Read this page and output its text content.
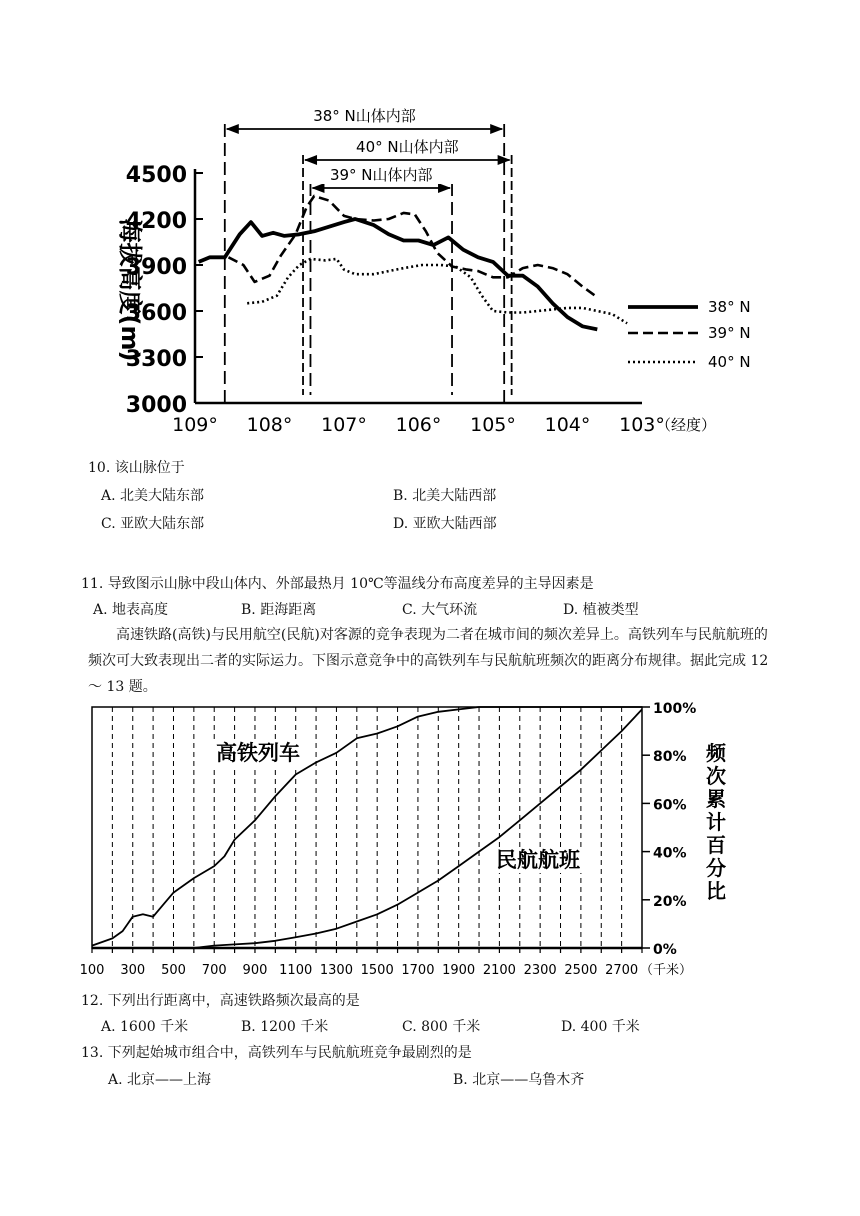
4500
4200
3900
3600
3300
3000
109° 108° 107° 106° 105° 104° 103°
海拔高度(m)
（经度）
38° N山体内部
40° N山体内部
39° N山体内部
38° N
39° N
40° N
10. 该山脉位于
A. 北美大陆东部	B. 北美大陆西部
C. 亚欧大陆东部	D. 亚欧大陆西部
11. 导致图示山脉中段山体内、外部最热月 10℃等温线分布高度差异的主导因素是
A. 地表高度	B. 距海距离	C. 大气环流	D. 植被类型
高速铁路(高铁)与民用航空(民航)对客源的竞争表现为二者在城市间的频次差异上。高铁列车与民航航班的频次可大致表现出二者的实际运力。下图示意竞争中的高铁列车与民航航班频次的距离分布规律。据此完成 12 ～ 13 题。
100%
80%
60%
40%
20%
0%
100 300 500 700 900 1100 1300 1500 1700 1900 2100 2300 2500 2700 （千米）
频
次
累
计
百
分
比
高铁列车
民航航班
12. 下列出行距离中，高速铁路频次最高的是
A. 1600 千米	B. 1200 千米	C. 800 千米	D. 400 千米
13. 下列起始城市组合中，高铁列车与民航航班竞争最剧烈的是
A. 北京——上海	B. 北京——乌鲁木齐
